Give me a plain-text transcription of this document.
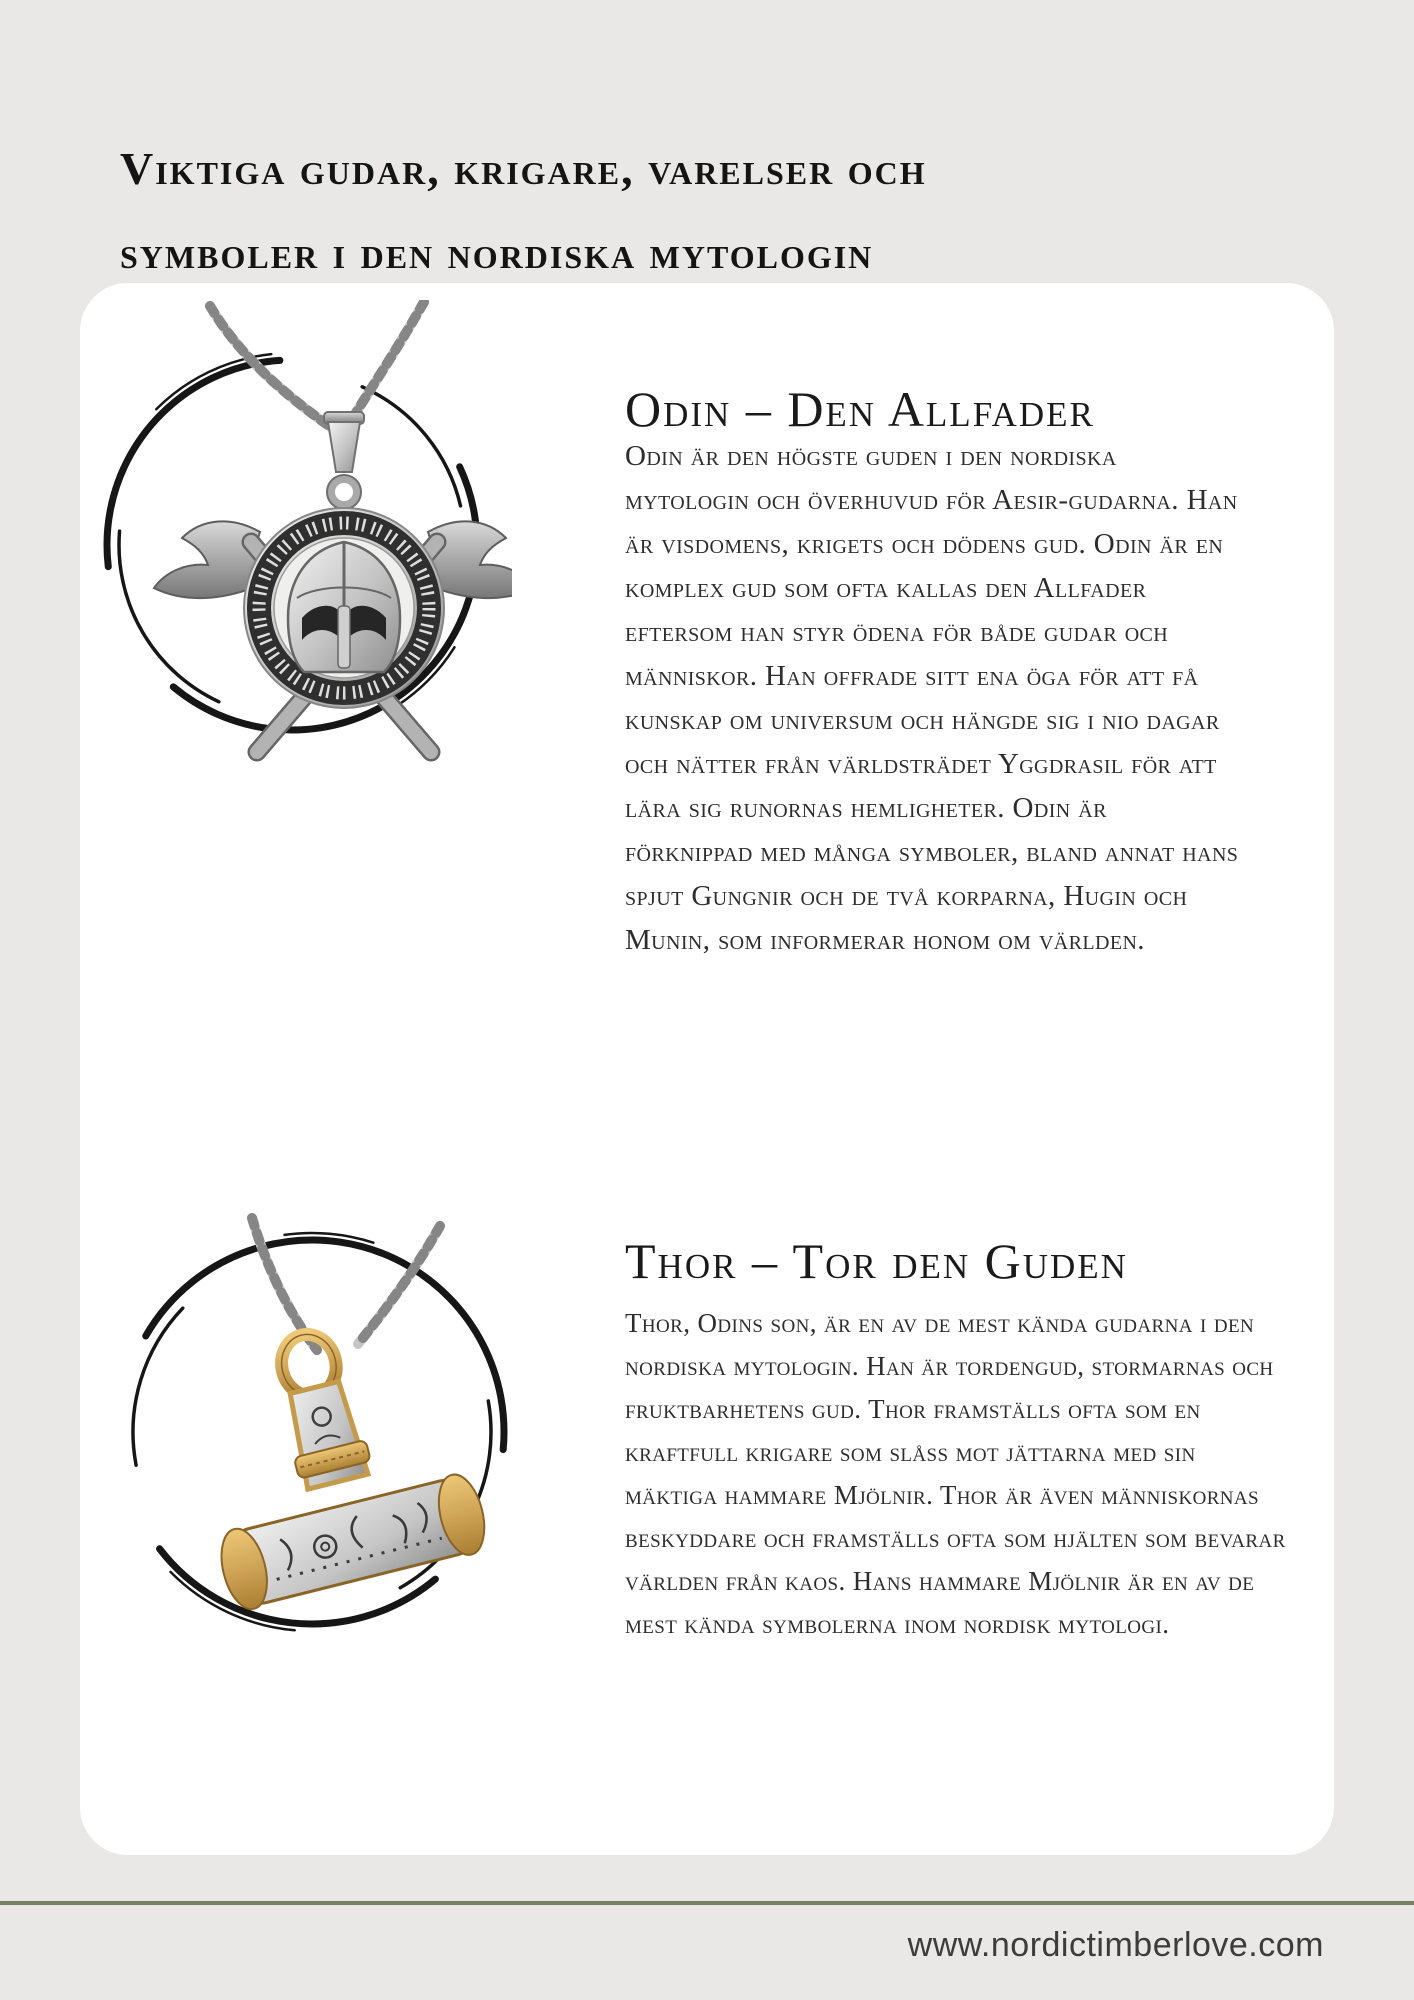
Viktiga gudar, krigare, varelser och
symboler i den nordiska mytologin
Odin – Den Allfader

Odin är den högste guden i den nordiska mytologin och överhuvud för Aesir-gudarna. Han är visdomens, krigets och dödens gud. Odin är en komplex gud som ofta kallas den Allfader eftersom han styr ödena för både gudar och människor. Han offrade sitt ena öga för att få kunskap om universum och hängde sig i nio dagar och nätter från världsträdet Yggdrasil för att lära sig runornas hemligheter. Odin är förknippad med många symboler, bland annat hans spjut Gungnir och de två korparna, Hugin och Munin, som informerar honom om världen.

Thor – Tor den Guden

Thor, Odins son, är en av de mest kända gudarna i den nordiska mytologin. Han är tordengud, stormarnas och fruktbarhetens gud. Thor framställs ofta som en kraftfull krigare som slåss mot jättarna med sin mäktiga hammare Mjölnir. Thor är även människornas beskyddare och framställs ofta som hjälten som bevarar världen från kaos. Hans hammare Mjölnir är en av de mest kända symbolerna inom nordisk mytologi.

www.nordictimberlove.com
